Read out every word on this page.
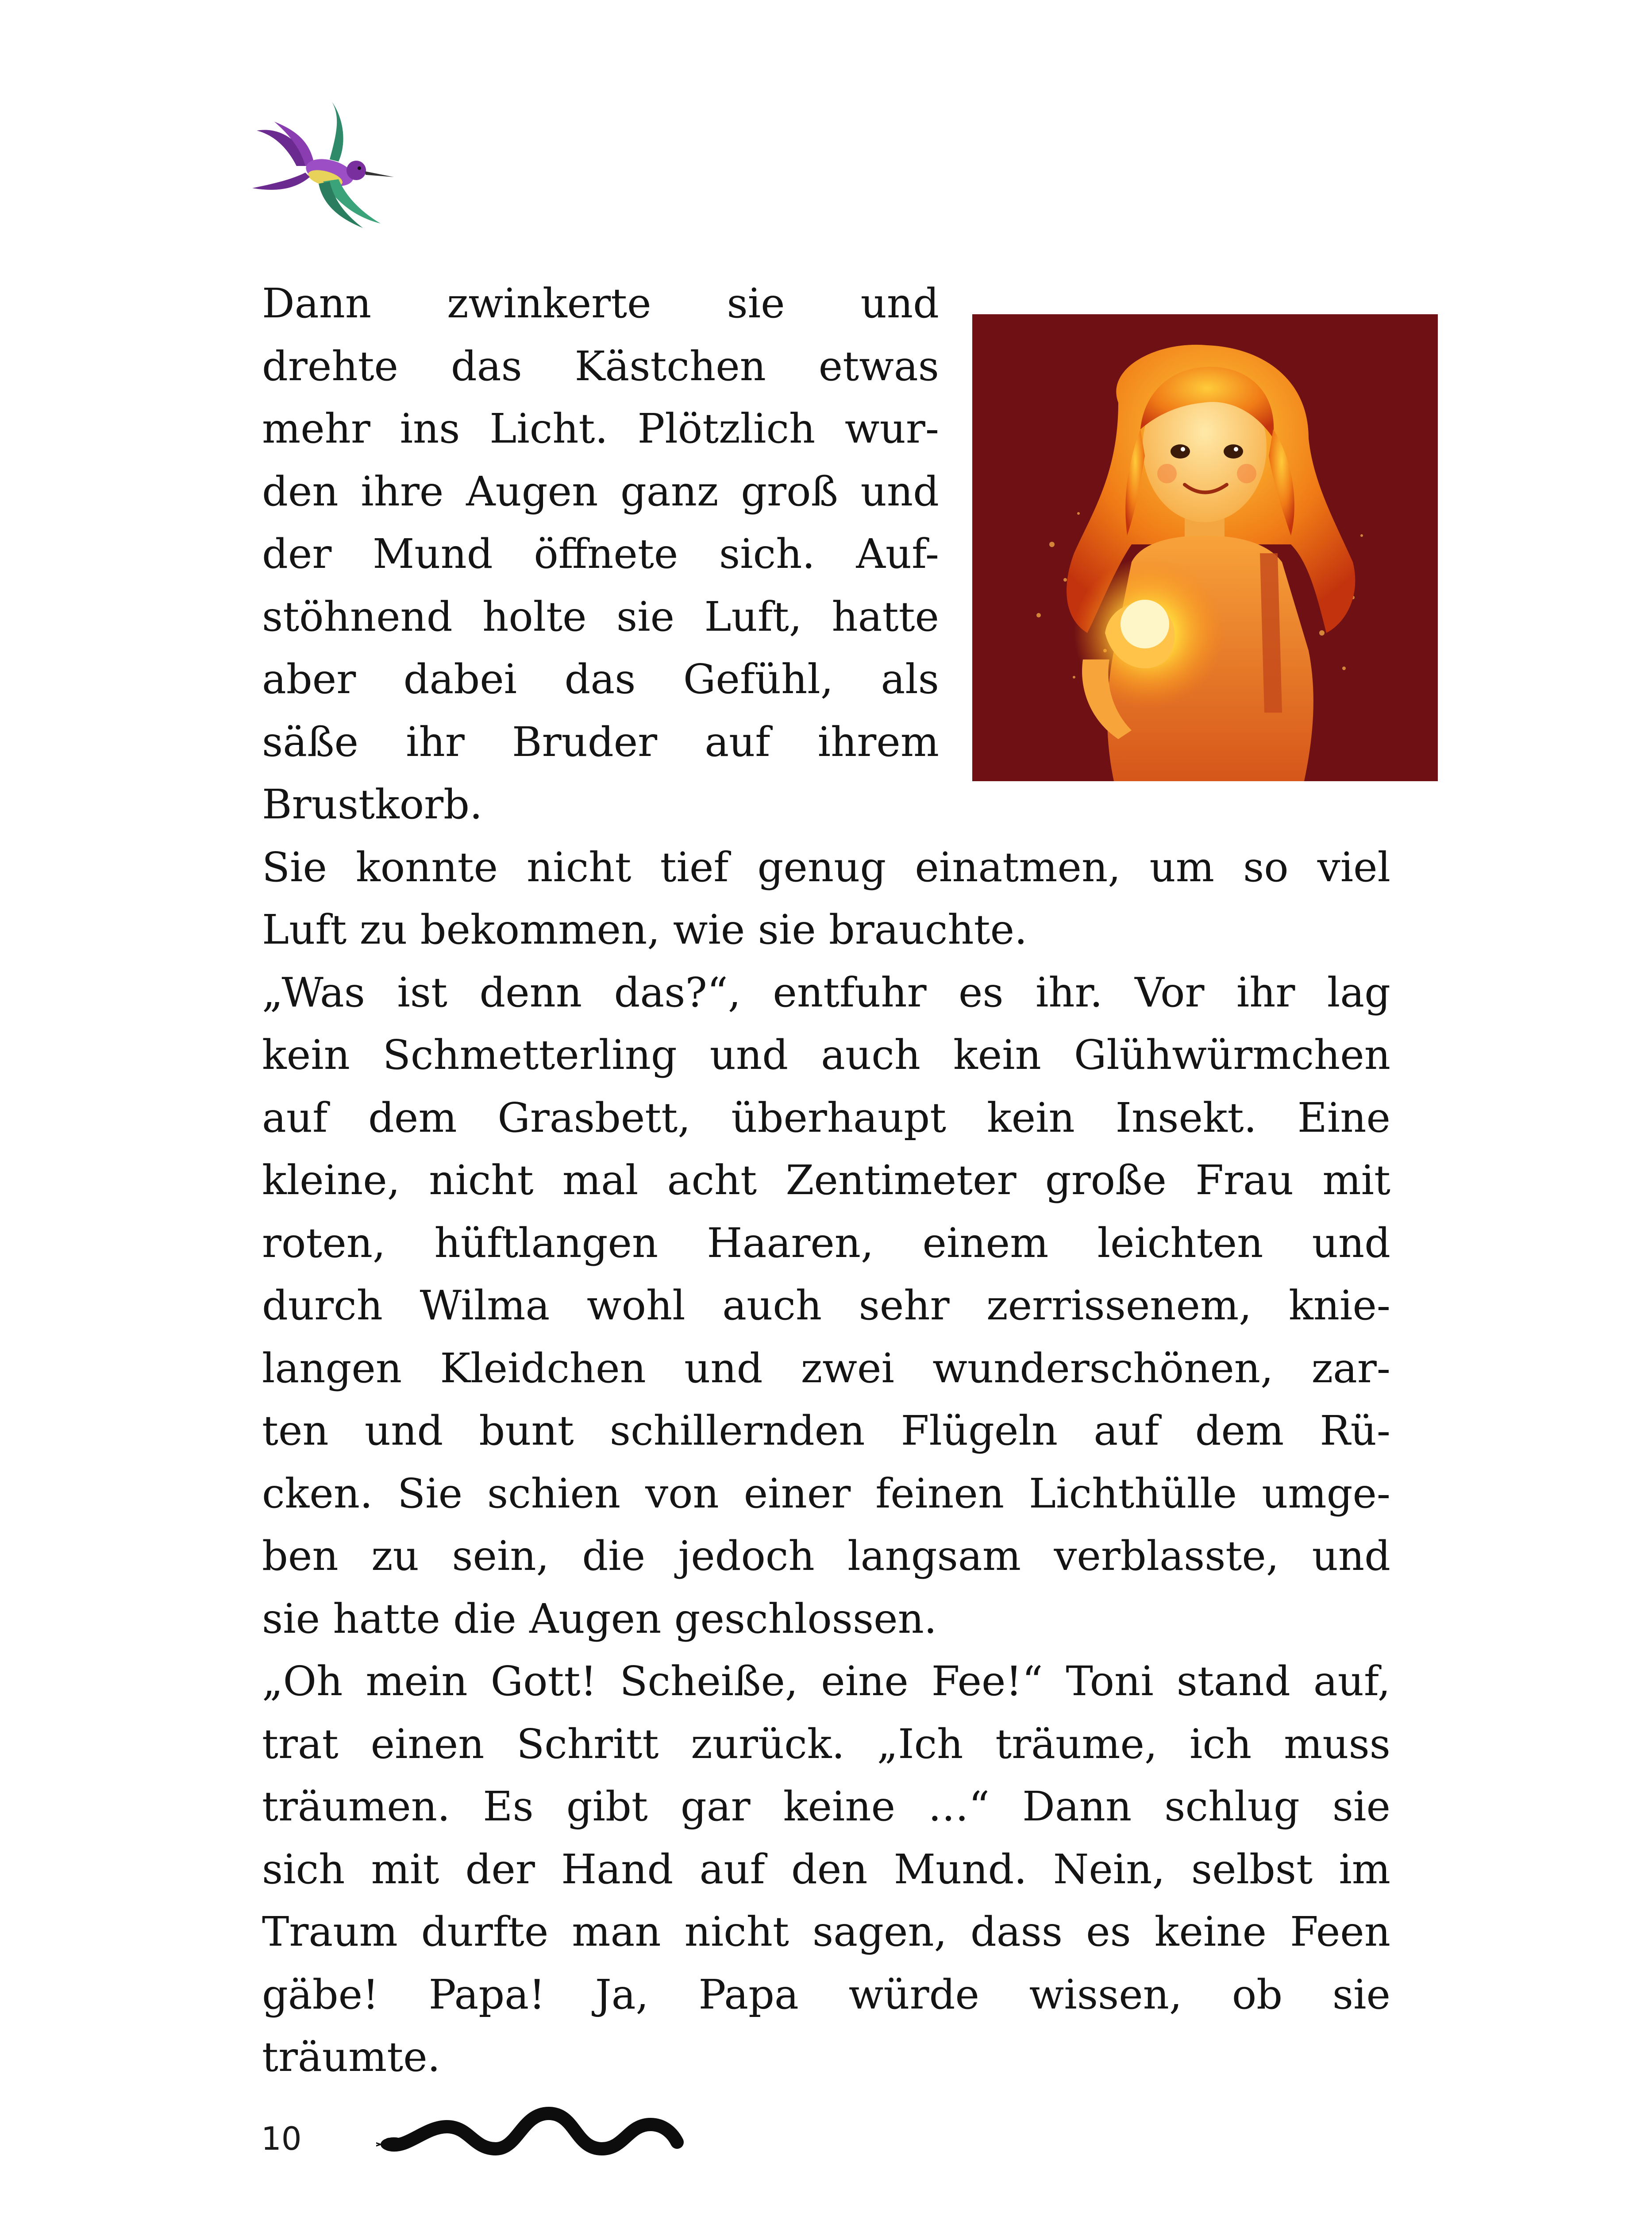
Dann zwinkerte sie und
drehte das Kästchen etwas
mehr ins Licht. Plötzlich wur-
den ihre Augen ganz groß und
der Mund öffnete sich. Auf-
stöhnend holte sie Luft, hatte
aber dabei das Gefühl, als
säße ihr Bruder auf ihrem
Brustkorb.

Sie konnte nicht tief genug einatmen, um so viel
Luft zu bekommen, wie sie brauchte.

„Was ist denn das?“, entfuhr es ihr. Vor ihr lag
kein Schmetterling und auch kein Glühwürmchen
auf dem Grasbett, überhaupt kein Insekt. Eine
kleine, nicht mal acht Zentimeter große Frau mit
roten, hüftlangen Haaren, einem leichten und
durch Wilma wohl auch sehr zerrissenem, knie-
langen Kleidchen und zwei wunderschönen, zar-
ten und bunt schillernden Flügeln auf dem Rü-
cken. Sie schien von einer feinen Lichthülle umge-
ben zu sein, die jedoch langsam verblasste, und
sie hatte die Augen geschlossen.

„Oh mein Gott! Scheiße, eine Fee!“ Toni stand auf,
trat einen Schritt zurück. „Ich träume, ich muss
träumen. Es gibt gar keine …“ Dann schlug sie
sich mit der Hand auf den Mund. Nein, selbst im
Traum durfte man nicht sagen, dass es keine Feen
gäbe! Papa! Ja, Papa würde wissen, ob sie
träumte.

10
